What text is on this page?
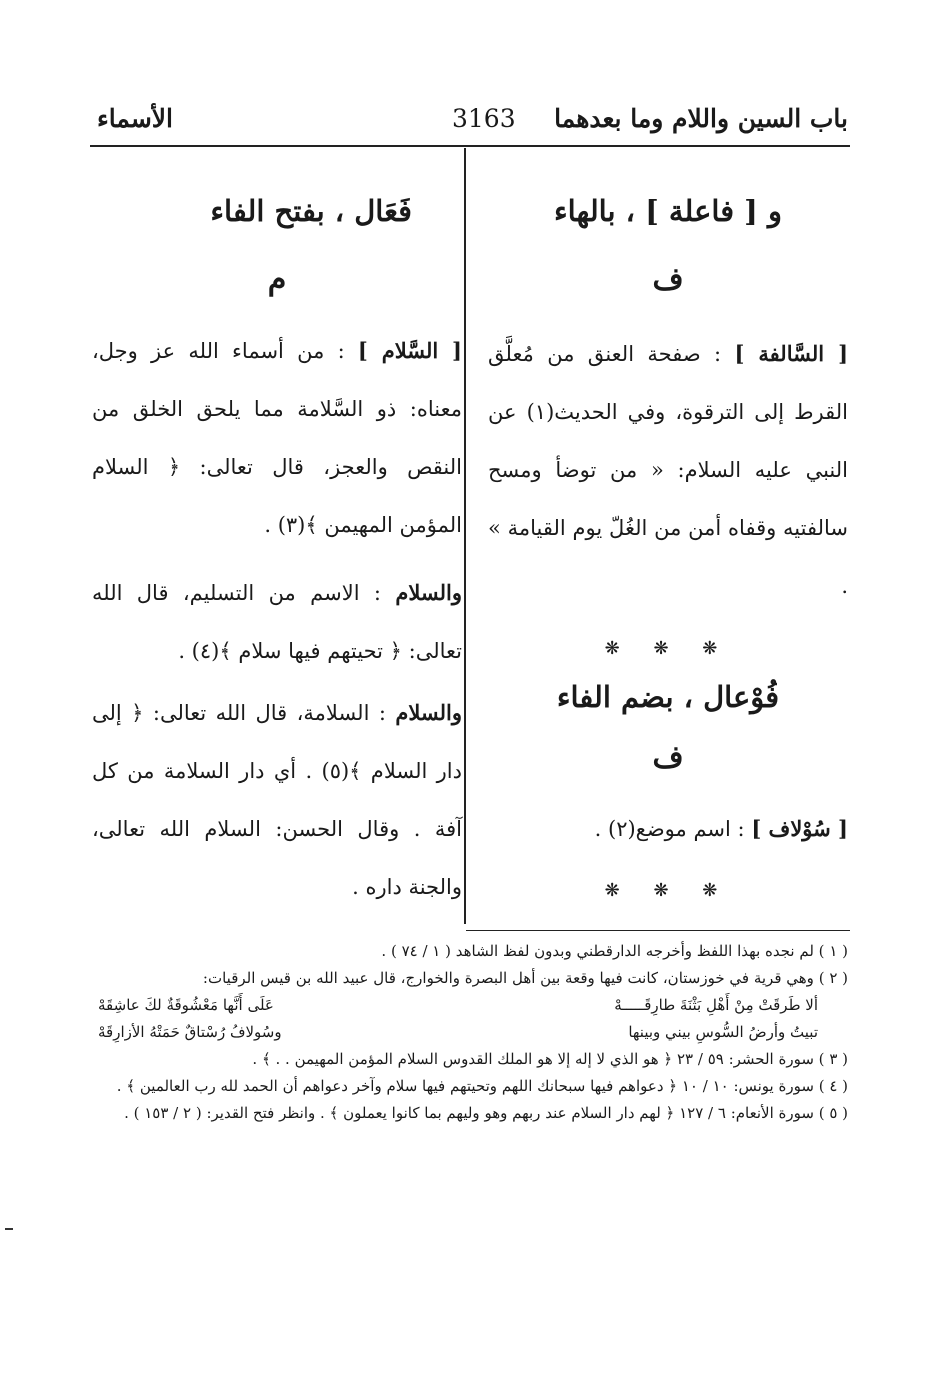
باب السين واللام وما بعدهما
3163
الأسماء
و [ فاعلة ] ، بالهاء
ف
[ السَّالفة ] : صفحة العنق من مُعلَّق القرط إلى الترقوة، وفي الحديث(١) عن النبي عليه السلام: « من توضأ ومسح سالفتيه وقفاه أمن من الغُلّ يوم القيامة » .
❋ ❋ ❋
فُوْعال ، بضم الفاء
ف
[ سُوْلاف ] : اسم موضع(٢) .
❋ ❋ ❋
فَعَال ، بفتح الفاء
م
[ السَّلام ] : من أسماء الله عز وجل، معناه: ذو السَّلامة مما يلحق الخلق من النقص والعجز، قال تعالى: ﴿ السلام المؤمن المهيمن ﴾(٣) .
والسلام : الاسم من التسليم، قال الله تعالى: ﴿ تحيتهم فيها سلام ﴾(٤) .
والسلام : السلامة، قال الله تعالى: ﴿ إلى دار السلام ﴾(٥) . أي دار السلامة من كل آفة . وقال الحسن: السلام الله تعالى، والجنة داره .

( ١ ) لم نجده بهذا اللفظ وأخرجه الدارقطني وبدون لفظ الشاهد ( ١ / ٧٤ ) .

( ٢ ) وهي قرية في خوزستان، كانت فيها وقعة بين أهل البصرة والخوارج، قال عبيد الله بن قيس الرقيات:

ألا طَرقَتْ مِنْ أَهْلِ بَثْنَةَ طارِقَـــــهْ
عَلَى أَنَّها مَعْشُوقَةٌ لكَ عاشِقَهْ
تبيتُ وأرضُ السُّوسِ بيني وبينها
وسُولافُ رُسْتاقٌ حَمَتْهُ الأزارِقَهْ

( ٣ ) سورة الحشر: ٥٩ / ٢٣ ﴿ هو الذي لا إله إلا هو الملك القدوس السلام المؤمن المهيمن . . ﴾ .

( ٤ ) سورة يونس: ١٠ / ١٠ ﴿ دعواهم فيها سبحانك اللهم وتحيتهم فيها سلام وآخر دعواهم أن الحمد لله رب العالمين ﴾ .

( ٥ ) سورة الأنعام: ٦ / ١٢٧ ﴿ لهم دار السلام عند ربهم وهو وليهم بما كانوا يعملون ﴾ . وانظر فتح القدير: ( ٢ / ١٥٣ ) .
